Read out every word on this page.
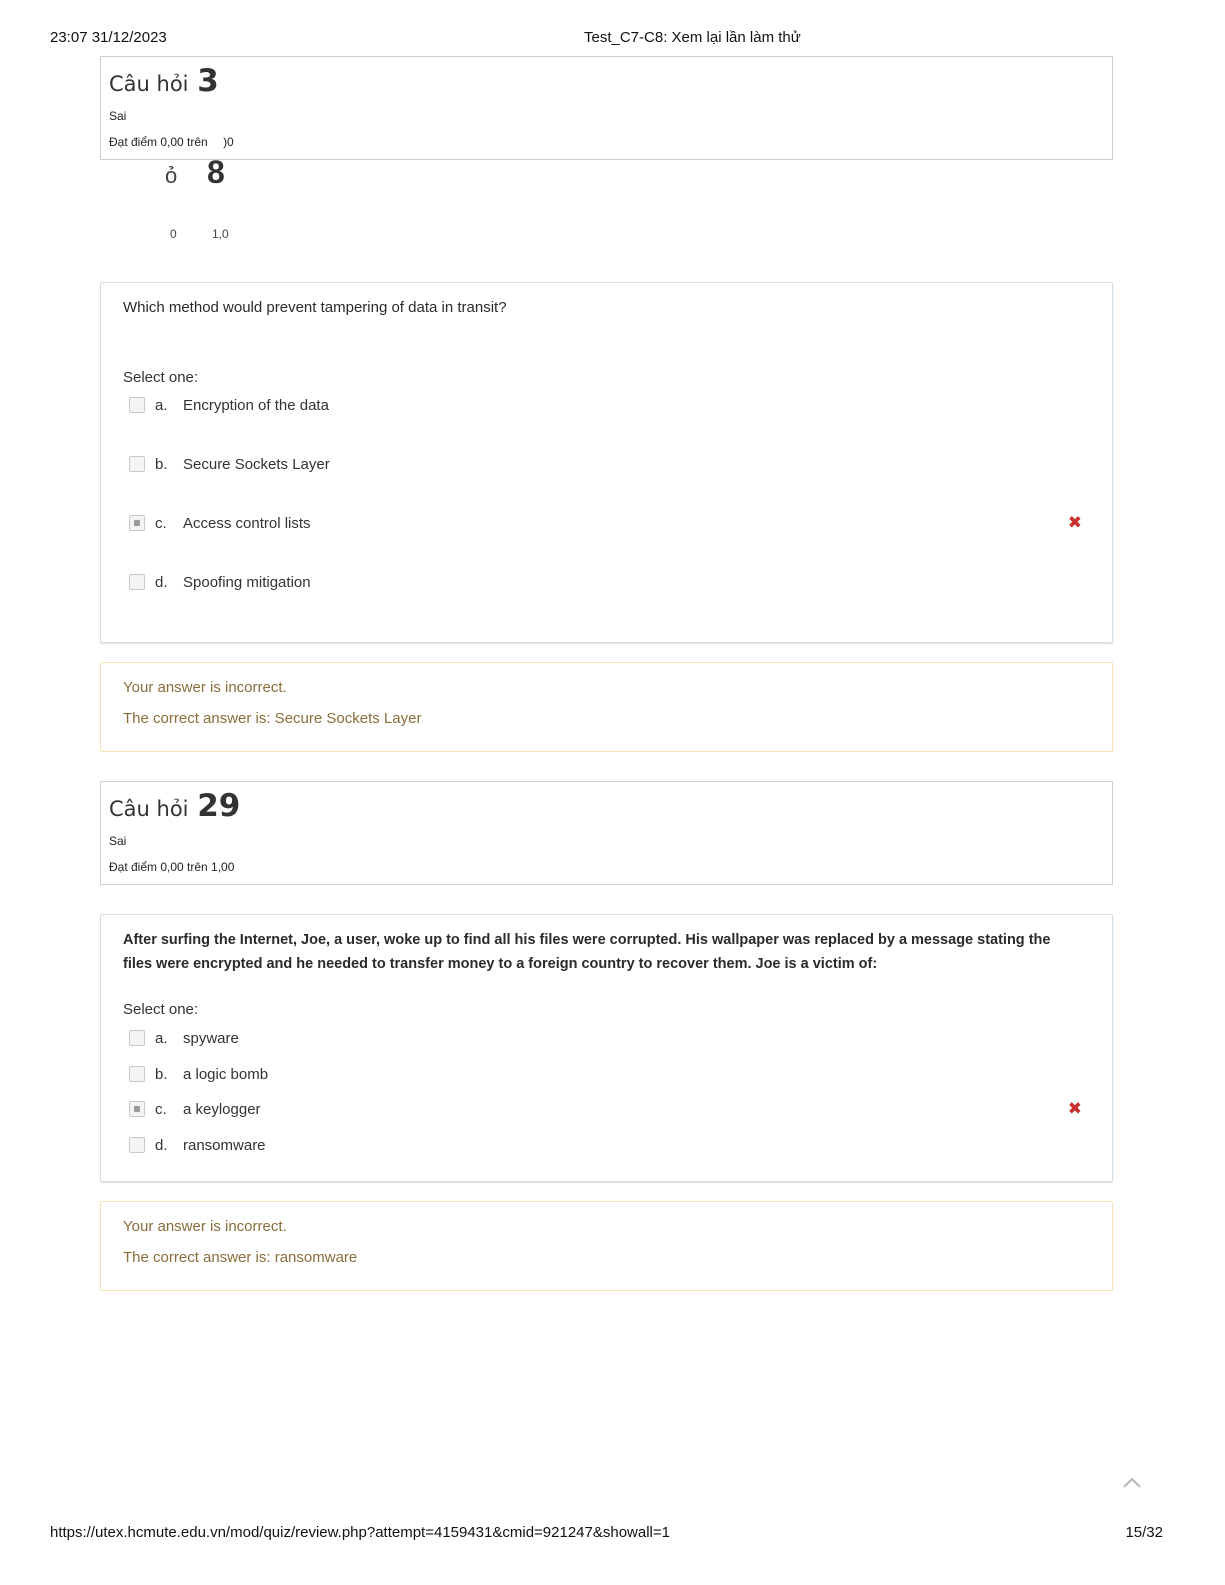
23:07 31/12/2023	Test_C7-C8: Xem lại lần làm thử
Câu hỏi 3
Sai
Đạt điểm 0,00 trên )0
ỏ 8
0	1,0
Which method would prevent tampering of data in transit?
Select one:
a.	Encryption of the data
b.	Secure Sockets Layer
c.	Access control lists	✖
d.	Spoofing mitigation
Your answer is incorrect.
The correct answer is: Secure Sockets Layer
Câu hỏi 29
Sai
Đạt điểm 0,00 trên 1,00
After surfing the Internet, Joe, a user, woke up to find all his files were corrupted. His wallpaper was replaced by a message stating the files were encrypted and he needed to transfer money to a foreign country to recover them. Joe is a victim of:
Select one:
a.	spyware
b.	a logic bomb
c.	a keylogger	✖
d.	ransomware
Your answer is incorrect.
The correct answer is: ransomware
https://utex.hcmute.edu.vn/mod/quiz/review.php?attempt=4159431&cmid=921247&showall=1	15/32
